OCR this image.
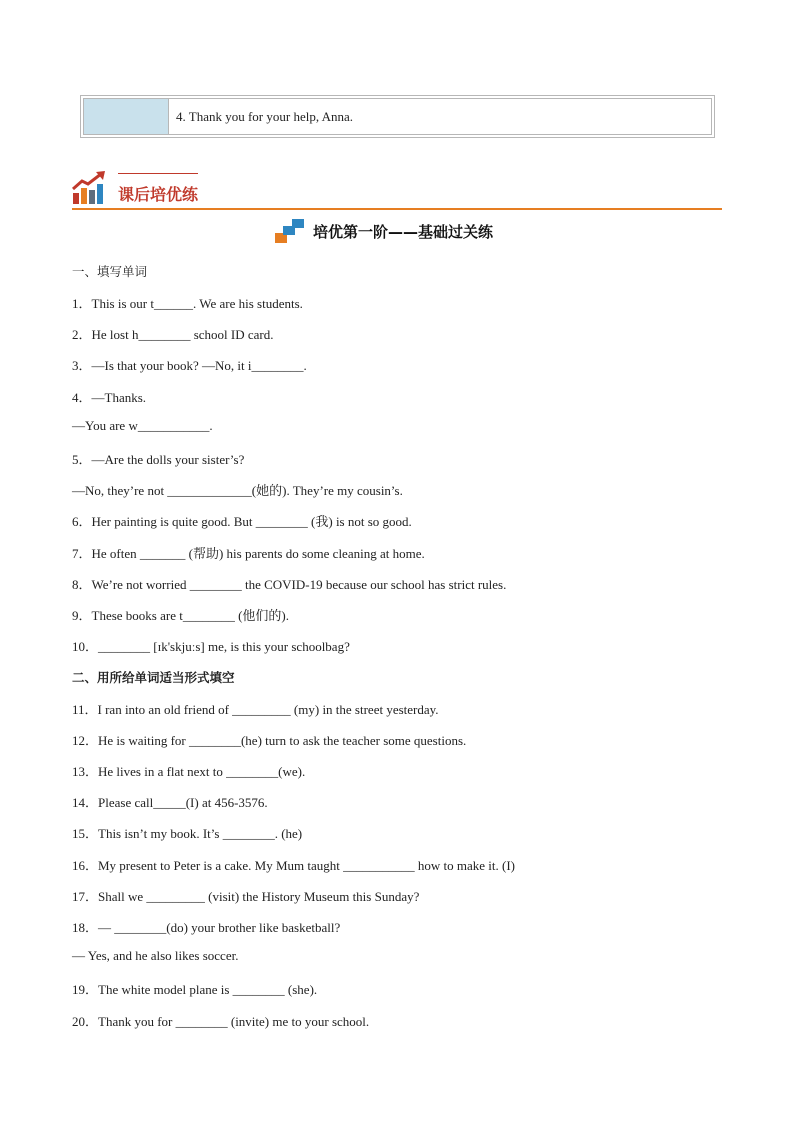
4. Thank you for your help, Anna.
课后培优练
培优第一阶——基础过关练
一、填写单词
1．This is our t______. We are his students.
2．He lost h________ school ID card.
3．—Is that your book? —No, it i________.
4．—Thanks.
—You are w___________.
5．—Are the dolls your sister’s?
—No, they’re not _____________(她的). They’re my cousin’s.
6．Her painting is quite good. But ________ (我) is not so good.
7．He often _______ (帮助) his parents do some cleaning at home.
8．We’re not worried ________ the COVID-19 because our school has strict rules.
9．These books are t________ (他们的).
10．________ [ɪk'skjuːs] me, is this your schoolbag?
二、用所给单词适当形式填空
11．I ran into an old friend of _________ (my) in the street yesterday.
12．He is waiting for ________(he) turn to ask the teacher some questions.
13．He lives in a flat next to ________(we).
14．Please call_____(I) at 456-3576.
15．This isn’t my book. It’s ________. (he)
16．My present to Peter is a cake. My Mum taught ___________ how to make it. (I)
17．Shall we _________ (visit) the History Museum this Sunday?
18．— ________(do) your brother like basketball?
— Yes, and he also likes soccer.
19．The white model plane is ________ (she).
20．Thank you for ________ (invite) me to your school.
